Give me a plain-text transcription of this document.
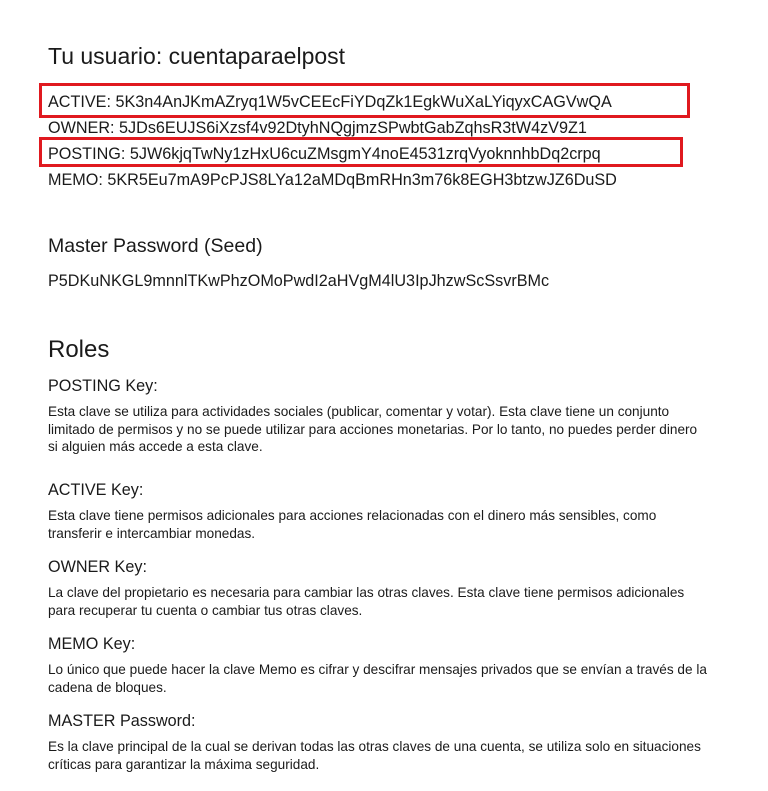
Tu usuario: cuentaparaelpost
ACTIVE: 5K3n4AnJKmAZryq1W5vCEEcFiYDqZk1EgkWuXaLYiqyxCAGVwQA
OWNER: 5JDs6EUJS6iXzsf4v92DtyhNQgjmzSPwbtGabZqhsR3tW4zV9Z1
POSTING: 5JW6kjqTwNy1zHxU6cuZMsgmY4noE4531zrqVyoknnhbDq2crpq
MEMO: 5KR5Eu7mA9PcPJS8LYa12aMDqBmRHn3m76k8EGH3btzwJZ6DuSD
Master Password (Seed)
P5DKuNKGL9mnnlTKwPhzOMoPwdI2aHVgM4lU3IpJhzwScSsvrBMc
Roles
POSTING Key:
Esta clave se utiliza para actividades sociales (publicar, comentar y votar). Esta clave tiene un conjunto limitado de permisos y no se puede utilizar para acciones monetarias. Por lo tanto, no puedes perder dinero si alguien más accede a esta clave.
ACTIVE Key:
Esta clave tiene permisos adicionales para acciones relacionadas con el dinero más sensibles, como transferir e intercambiar monedas.
OWNER Key:
La clave del propietario es necesaria para cambiar las otras claves. Esta clave tiene permisos adicionales para recuperar tu cuenta o cambiar tus otras claves.
MEMO Key:
Lo único que puede hacer la clave Memo es cifrar y descifrar mensajes privados que se envían a través de la cadena de bloques.
MASTER Password:
Es la clave principal de la cual se derivan todas las otras claves de una cuenta, se utiliza solo en situaciones críticas para garantizar la máxima seguridad.
